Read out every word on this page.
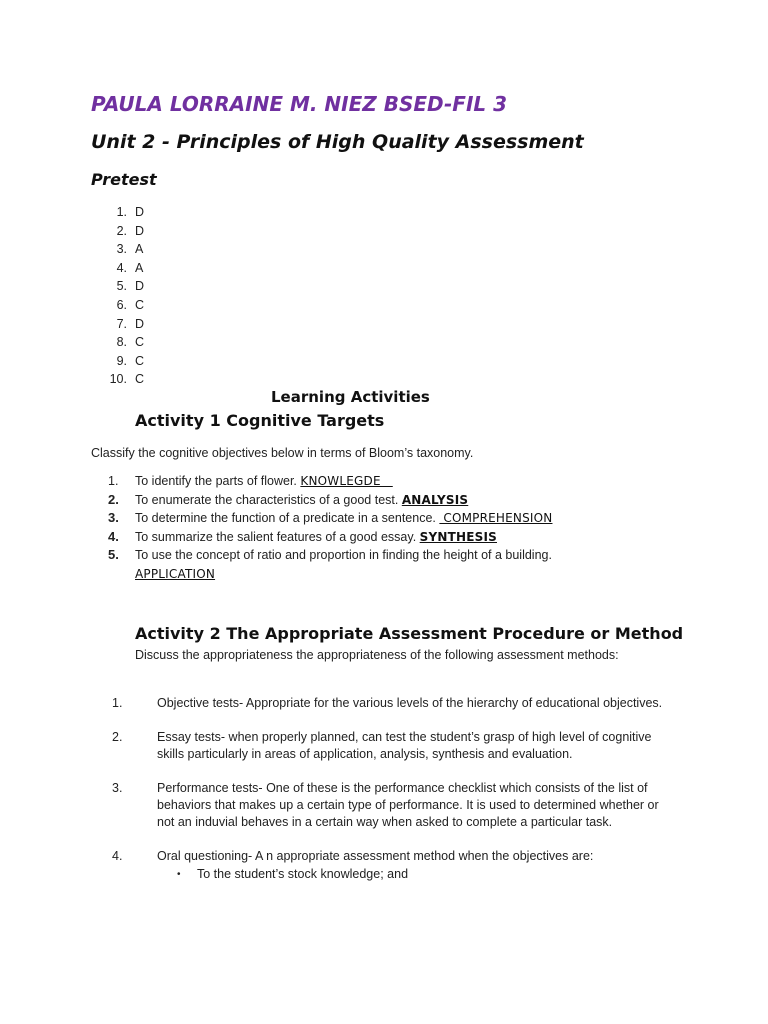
PAULA LORRAINE M. NIEZ BSED-FIL 3
Unit 2 - Principles of High Quality Assessment
Pretest
1. D
2. D
3. A
4. A
5. D
6. C
7. D
8. C
9. C
10. C
Learning Activities
Activity 1 Cognitive Targets

Classify the cognitive objectives below in terms of Bloom’s taxonomy.

1. To identify the parts of flower. KNOWLEGDE
2. To enumerate the characteristics of a good test. ANALYSIS
3. To determine the function of a predicate in a sentence.  COMPREHENSION
4. To summarize the salient features of a good essay. SYNTHESIS
5. To use the concept of ratio and proportion in finding the height of a building.
APPLICATION
Activity 2 The Appropriate Assessment Procedure or Method

Discuss the appropriateness the appropriateness of the following assessment methods:

1.	Objective tests- Appropriate for the various levels of the hierarchy of educational objectives.
2.	Essay tests- when properly planned, can test the student’s grasp of high level of cognitive skills particularly in areas of application, analysis, synthesis and evaluation.
3.	Performance tests- One of these is the performance checklist which consists of the list of behaviors that makes up a certain type of performance. It is used to determined whether or not an induvial behaves in a certain way when asked to complete a particular task.
4.	Oral questioning- A n appropriate assessment method when the objectives are:
• To the student’s stock knowledge; and
